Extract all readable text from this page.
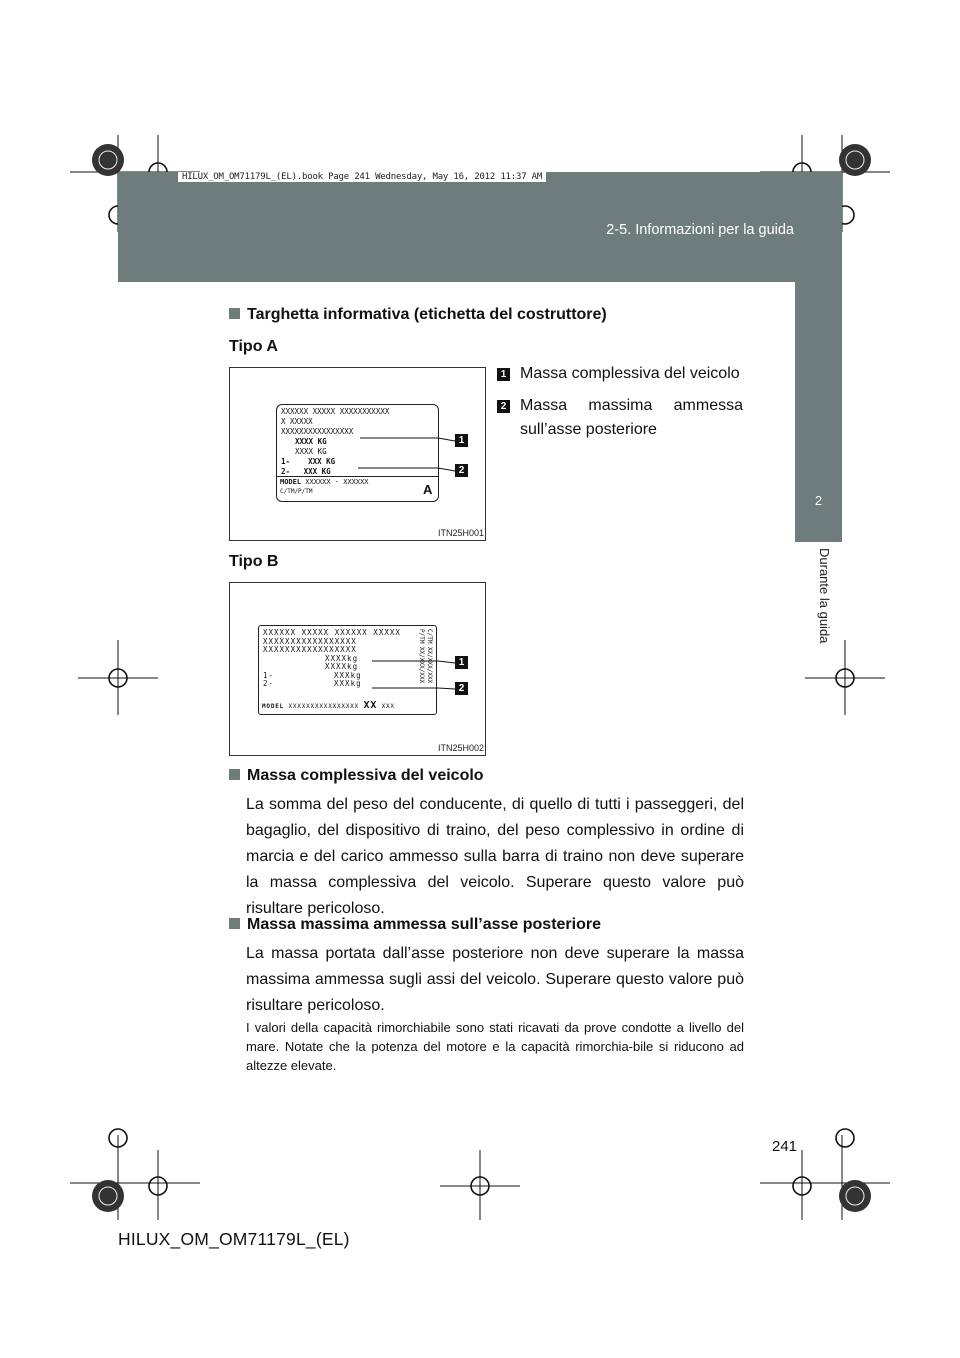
HILUX_OM_OM71179L_(EL).book Page 241 Wednesday, May 16, 2012 11:37 AM
2-5. Informazioni per la guida
2
Durante la guida
Targhetta informativa (etichetta del costruttore)
Tipo A
XXXXXX XXXXX XXXXXXXXXXX
X XXXXX
XXXXXXXXXXXXXXXX
XXXX KG
XXXX KG
1- XXX KG
2- XXX KG
MODEL XXXXXX - XXXXXX
C/TM/P/TM	A
1
2
ITN25H001
1 Massa complessiva del veicolo
2 Massa massima ammessa sull’asse posteriore
Tipo B
XXXXXX XXXXX XXXXXX XXXXX
XXXXXXXXXXXXXXXXX
XXXXXXXXXXXXXXXXX
XXXXkg
XXXXkg
1-	XXXkg
2-	XXXkg
MODEL XXXXXXXXXXXXXXXX XX XXX
C/TM XX/XXX/XXX
P/TM XX/XXX/XXX	1
2
ITN25H002
Massa complessiva del veicolo
La somma del peso del conducente, di quello di tutti i passeggeri, del bagaglio, del dispositivo di traino, del peso complessivo in ordine di marcia e del carico ammesso sulla barra di traino non deve superare la massa complessiva del veicolo. Superare questo valore può risultare pericoloso.
Massa massima ammessa sull’asse posteriore
La massa portata dall’asse posteriore non deve superare la massa massima ammessa sugli assi del veicolo. Superare questo valore può risultare pericoloso.
I valori della capacità rimorchiabile sono stati ricavati da prove condotte a livello del mare. Notate che la potenza del motore e la capacità rimorchia-bile si riducono ad altezze elevate.
241
HILUX_OM_OM71179L_(EL)
